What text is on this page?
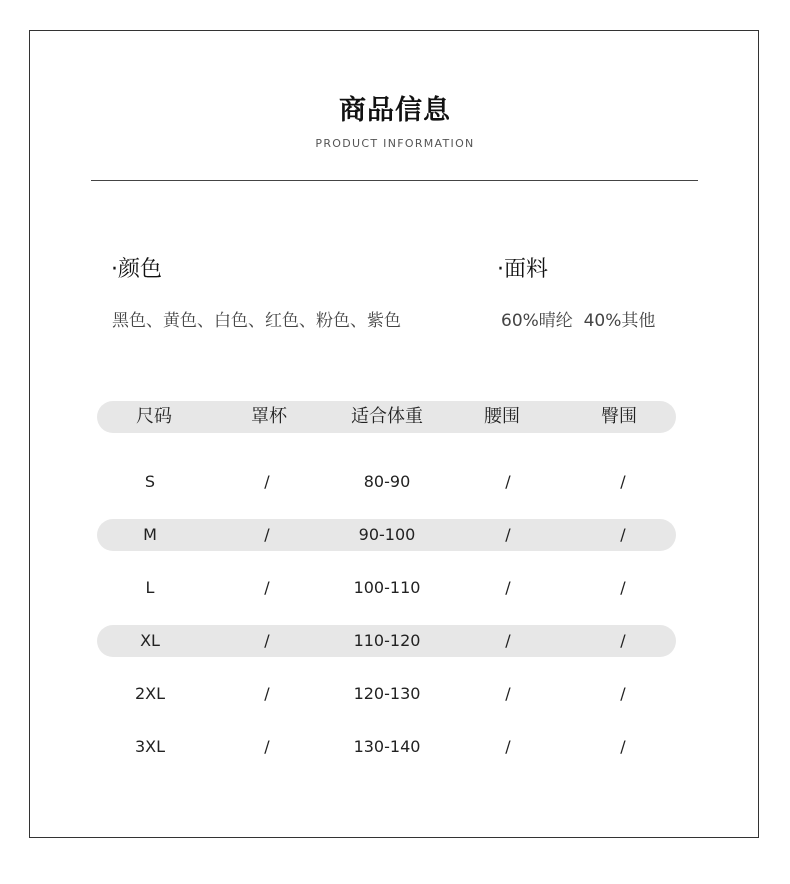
商品信息
PRODUCT INFORMATION
·颜色
黑色、黄色、白色、红色、粉色、紫色
·面料
60%晴纶  40%其他
尺码	罩杯	适合体重	腰围	臀围
S	/	80-90	/	/
M	/	90-100	/	/
L	/	100-110	/	/
XL	/	110-120	/	/
2XL	/	120-130	/	/
3XL	/	130-140	/	/
